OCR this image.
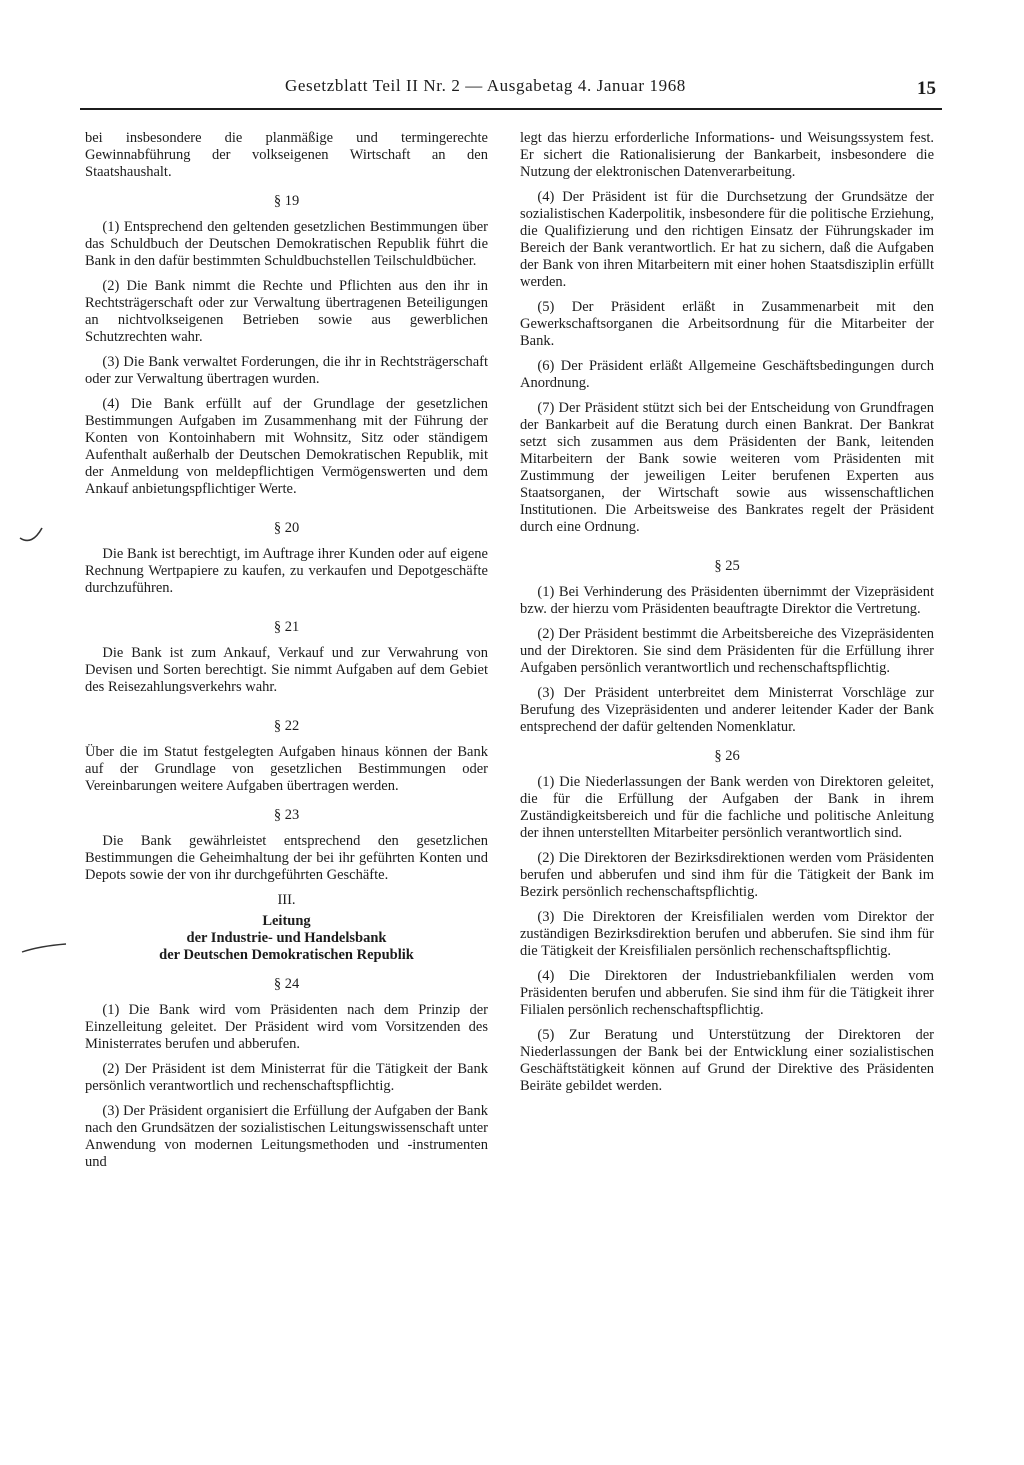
Gesetzblatt Teil II Nr. 2 — Ausgabetag 4. Januar 1968	15

bei insbesondere die planmäßige und termingerechte Gewinnabführung der volkseigenen Wirtschaft an den Staatshaushalt.

§ 19

(1) Entsprechend den geltenden gesetzlichen Bestimmungen über das Schuldbuch der Deutschen Demokratischen Republik führt die Bank in den dafür bestimmten Schuldbuchstellen Teilschuldbücher.

(2) Die Bank nimmt die Rechte und Pflichten aus den ihr in Rechtsträgerschaft oder zur Verwaltung übertragenen Beteiligungen an nichtvolkseigenen Betrieben sowie aus gewerblichen Schutzrechten wahr.

(3) Die Bank verwaltet Forderungen, die ihr in Rechtsträgerschaft oder zur Verwaltung übertragen wurden.

(4) Die Bank erfüllt auf der Grundlage der gesetzlichen Bestimmungen Aufgaben im Zusammenhang mit der Führung der Konten von Kontoinhabern mit Wohnsitz, Sitz oder ständigem Aufenthalt außerhalb der Deutschen Demokratischen Republik, mit der Anmeldung von meldepflichtigen Vermögenswerten und dem Ankauf anbietungspflichtiger Werte.

§ 20

Die Bank ist berechtigt, im Auftrage ihrer Kunden oder auf eigene Rechnung Wertpapiere zu kaufen, zu verkaufen und Depotgeschäfte durchzuführen.

§ 21

Die Bank ist zum Ankauf, Verkauf und zur Verwahrung von Devisen und Sorten berechtigt. Sie nimmt Aufgaben auf dem Gebiet des Reisezahlungsverkehrs wahr.

§ 22

Über die im Statut festgelegten Aufgaben hinaus können der Bank auf der Grundlage von gesetzlichen Bestimmungen oder Vereinbarungen weitere Aufgaben übertragen werden.

§ 23

Die Bank gewährleistet entsprechend den gesetzlichen Bestimmungen die Geheimhaltung der bei ihr geführten Konten und Depots sowie der von ihr durchgeführten Geschäfte.

III.
Leitung
der Industrie- und Handelsbank
der Deutschen Demokratischen Republik
§ 24

(1) Die Bank wird vom Präsidenten nach dem Prinzip der Einzelleitung geleitet. Der Präsident wird vom Vorsitzenden des Ministerrates berufen und abberufen.

(2) Der Präsident ist dem Ministerrat für die Tätigkeit der Bank persönlich verantwortlich und rechenschaftspflichtig.

(3) Der Präsident organisiert die Erfüllung der Aufgaben der Bank nach den Grundsätzen der sozialistischen Leitungswissenschaft unter Anwendung von modernen Leitungsmethoden und -instrumenten und

legt das hierzu erforderliche Informations- und Weisungssystem fest. Er sichert die Rationalisierung der Bankarbeit, insbesondere die Nutzung der elektronischen Datenverarbeitung.

(4) Der Präsident ist für die Durchsetzung der Grundsätze der sozialistischen Kaderpolitik, insbesondere für die politische Erziehung, die Qualifizierung und den richtigen Einsatz der Führungskader im Bereich der Bank verantwortlich. Er hat zu sichern, daß die Aufgaben der Bank von ihren Mitarbeitern mit einer hohen Staatsdisziplin erfüllt werden.

(5) Der Präsident erläßt in Zusammenarbeit mit den Gewerkschaftsorganen die Arbeitsordnung für die Mitarbeiter der Bank.

(6) Der Präsident erläßt Allgemeine Geschäftsbedingungen durch Anordnung.

(7) Der Präsident stützt sich bei der Entscheidung von Grundfragen der Bankarbeit auf die Beratung durch einen Bankrat. Der Bankrat setzt sich zusammen aus dem Präsidenten der Bank, leitenden Mitarbeitern der Bank sowie weiteren vom Präsidenten mit Zustimmung der jeweiligen Leiter berufenen Experten aus Staatsorganen, der Wirtschaft sowie aus wissenschaftlichen Institutionen. Die Arbeitsweise des Bankrates regelt der Präsident durch eine Ordnung.

§ 25

(1) Bei Verhinderung des Präsidenten übernimmt der Vizepräsident bzw. der hierzu vom Präsidenten beauftragte Direktor die Vertretung.

(2) Der Präsident bestimmt die Arbeitsbereiche des Vizepräsidenten und der Direktoren. Sie sind dem Präsidenten für die Erfüllung ihrer Aufgaben persönlich verantwortlich und rechenschaftspflichtig.

(3) Der Präsident unterbreitet dem Ministerrat Vorschläge zur Berufung des Vizepräsidenten und anderer leitender Kader der Bank entsprechend der dafür geltenden Nomenklatur.

§ 26

(1) Die Niederlassungen der Bank werden von Direktoren geleitet, die für die Erfüllung der Aufgaben der Bank in ihrem Zuständigkeitsbereich und für die fachliche und politische Anleitung der ihnen unterstellten Mitarbeiter persönlich verantwortlich sind.

(2) Die Direktoren der Bezirksdirektionen werden vom Präsidenten berufen und abberufen und sind ihm für die Tätigkeit der Bank im Bezirk persönlich rechenschaftspflichtig.

(3) Die Direktoren der Kreisfilialen werden vom Direktor der zuständigen Bezirksdirektion berufen und abberufen. Sie sind ihm für die Tätigkeit der Kreisfilialen persönlich rechenschaftspflichtig.

(4) Die Direktoren der Industriebankfilialen werden vom Präsidenten berufen und abberufen. Sie sind ihm für die Tätigkeit ihrer Filialen persönlich rechenschaftspflichtig.

(5) Zur Beratung und Unterstützung der Direktoren der Niederlassungen der Bank bei der Entwicklung einer sozialistischen Geschäftstätigkeit können auf Grund der Direktive des Präsidenten Beiräte gebildet werden.
